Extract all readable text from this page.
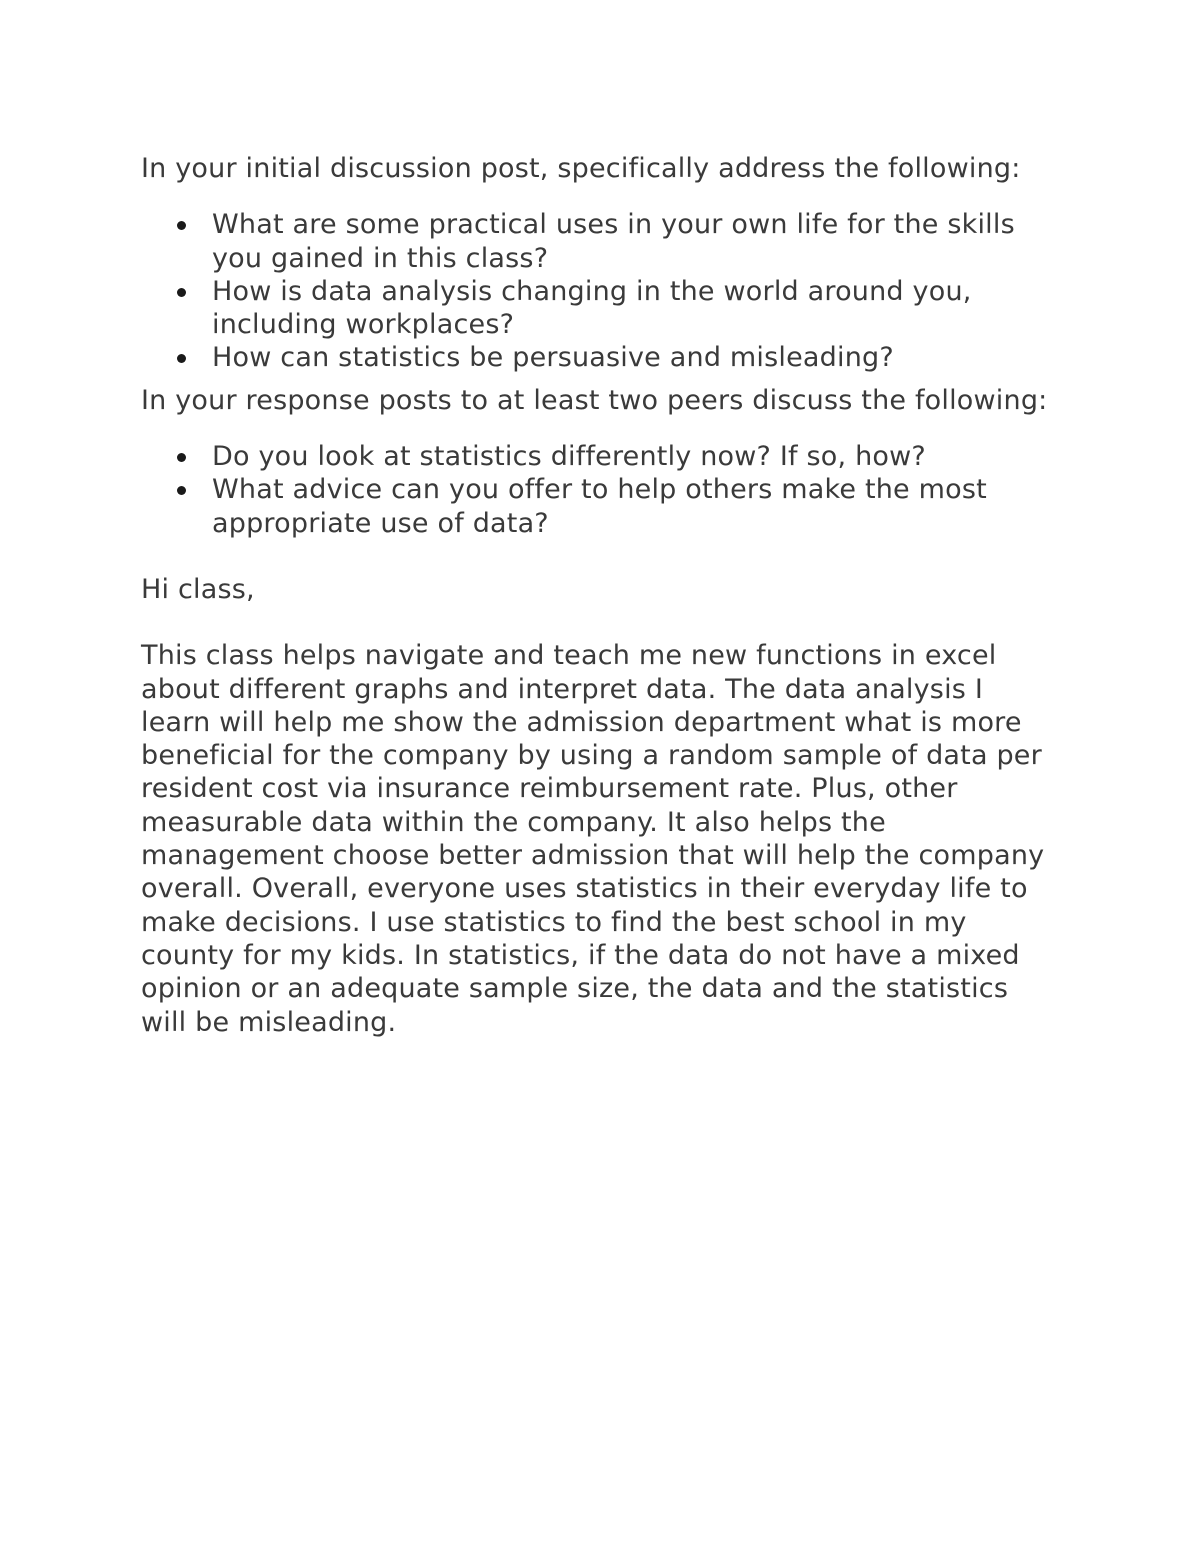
In your initial discussion post, specifically address the following:

What are some practical uses in your own life for the skills you gained in this class?
How is data analysis changing in the world around you, including workplaces?
How can statistics be persuasive and misleading?

In your response posts to at least two peers discuss the following:

Do you look at statistics differently now? If so, how?
What advice can you offer to help others make the most appropriate use of data?

Hi class,

This class helps navigate and teach me new functions in excel about different graphs and interpret data. The data analysis I learn will help me show the admission department what is more beneficial for the company by using a random sample of data per resident cost via insurance reimbursement rate. Plus, other measurable data within the company. It also helps the management choose better admission that will help the company overall. Overall, everyone uses statistics in their everyday life to make decisions. I use statistics to find the best school in my county for my kids. In statistics, if the data do not have a mixed opinion or an adequate sample size, the data and the statistics will be misleading.
